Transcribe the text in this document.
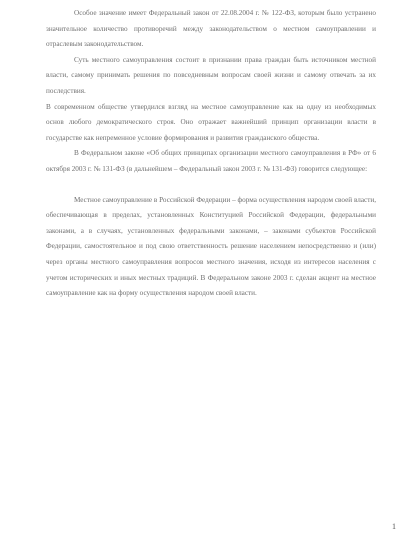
Особое значение имеет Федеральный закон от 22.08.2004 г. № 122-ФЗ, которым было устранено значительное количество противоречий между законодательством о местном самоуправлении и отраслевым законодательством.

Суть местного самоуправления состоит в признании права граждан быть источником местной власти, самому принимать решения по повседневным вопросам своей жизни и самому отвечать за их последствия.

В современном обществе утвердился взгляд на местное самоуправление как на одну из необходимых основ любого демократического строя. Оно отражает важнейший принцип организации власти в государстве как непременное условие формирования и развития гражданского общества.

В Федеральном законе «Об общих принципах организации местного самоуправления в РФ» от 6 октября 2003 г. № 131-ФЗ (в дальнейшем – Федеральный закон 2003 г. № 131-ФЗ) говорится следующее:

Местное самоуправление в Российской Федерации – форма осуществления народом своей власти, обеспечивающая в пределах, установленных Конституцией Российской Федерации, федеральными законами, а в случаях, установленных федеральными законами, – законами субъектов Российской Федерации, самостоятельное и под свою ответственность решение населением непосредственно и (или) через органы местного самоуправления вопросов местного значения, исходя из интересов населения с учетом исторических и иных местных традиций. В Федеральном законе 2003 г. сделан акцент на местное самоуправление как на форму осуществления народом своей власти.

1
